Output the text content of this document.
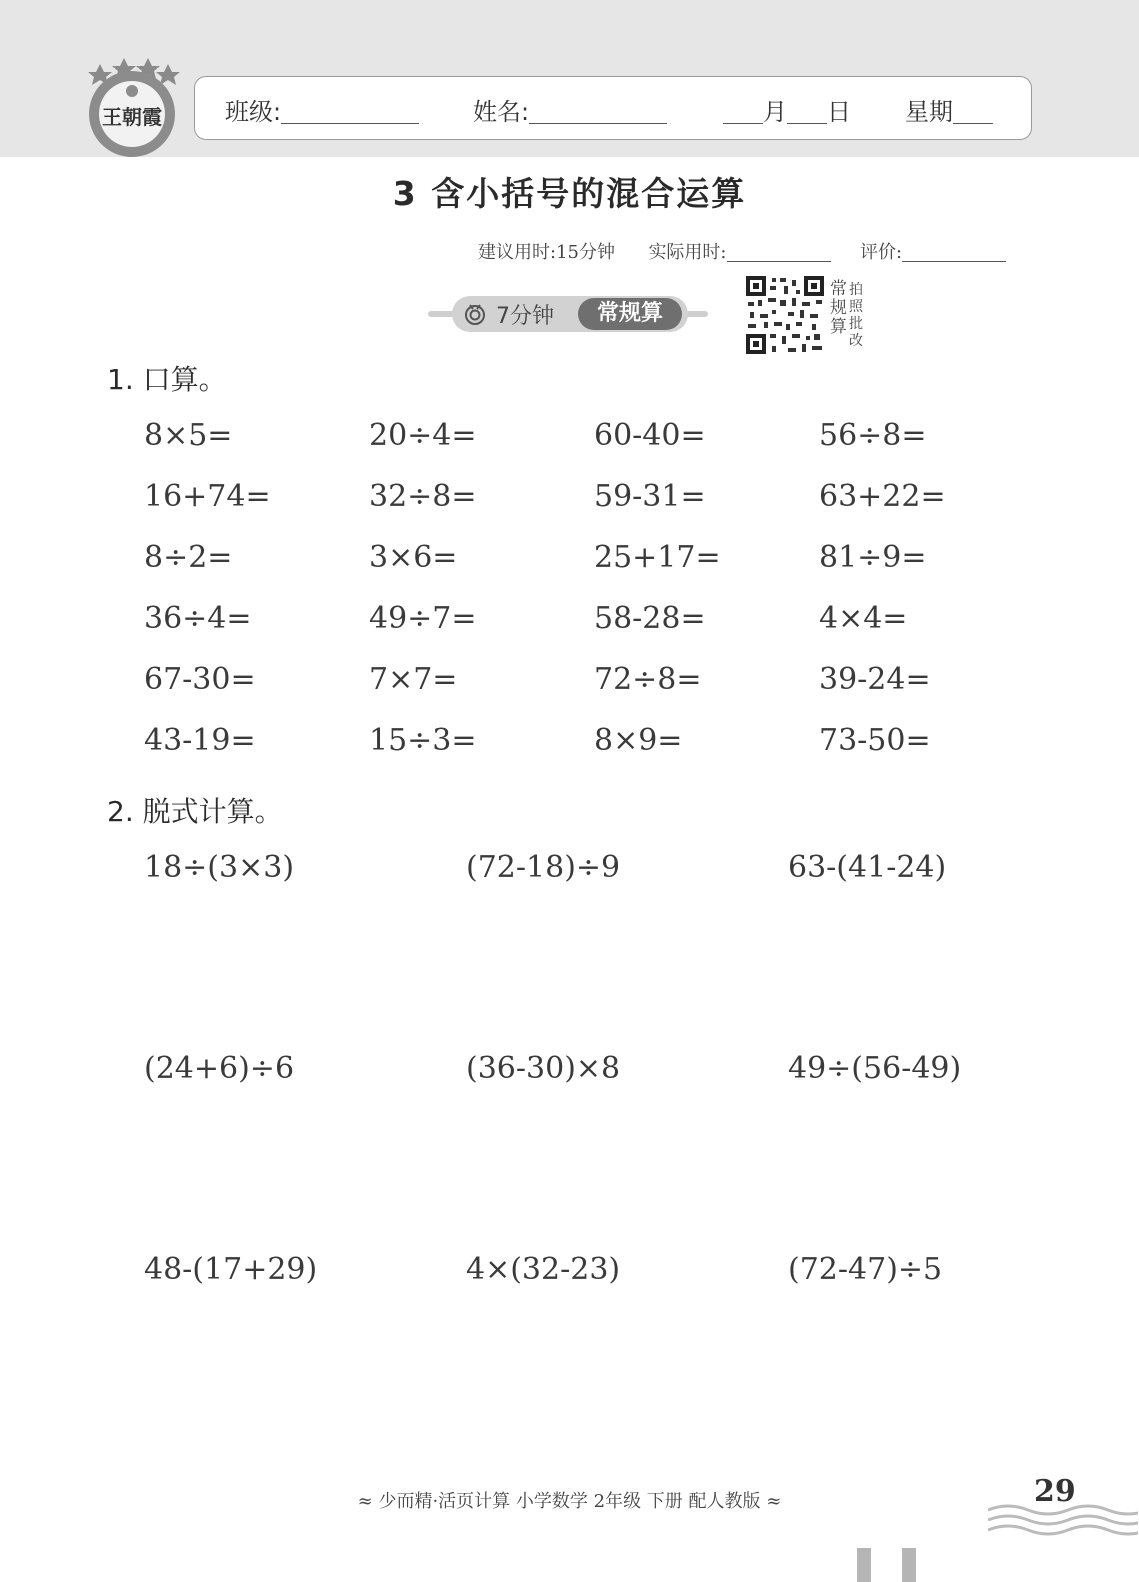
王朝霞	班级:	姓名:	月 日 星期
3 含小括号的混合运算
建议用时:15分钟 实际用时:	评价:
7分钟	常规算
常规算
拍照批改
1. 口算。
8×5=	20÷4=	60-40=	56÷8=
16+74=	32÷8=	59-31=	63+22=
8÷2=	3×6=	25+17=	81÷9=
36÷4=	49÷7=	58-28=	4×4=
67-30=	7×7=	72÷8=	39-24=
43-19=	15÷3=	8×9=	73-50=
2. 脱式计算。
18÷(3×3)	(72-18)÷9	63-(41-24)
(24+6)÷6	(36-30)×8	49÷(56-49)
48-(17+29)	4×(32-23)	(72-47)÷5
≈ 少而精·活页计算 小学数学 2年级 下册 配人教版 ≈	29
